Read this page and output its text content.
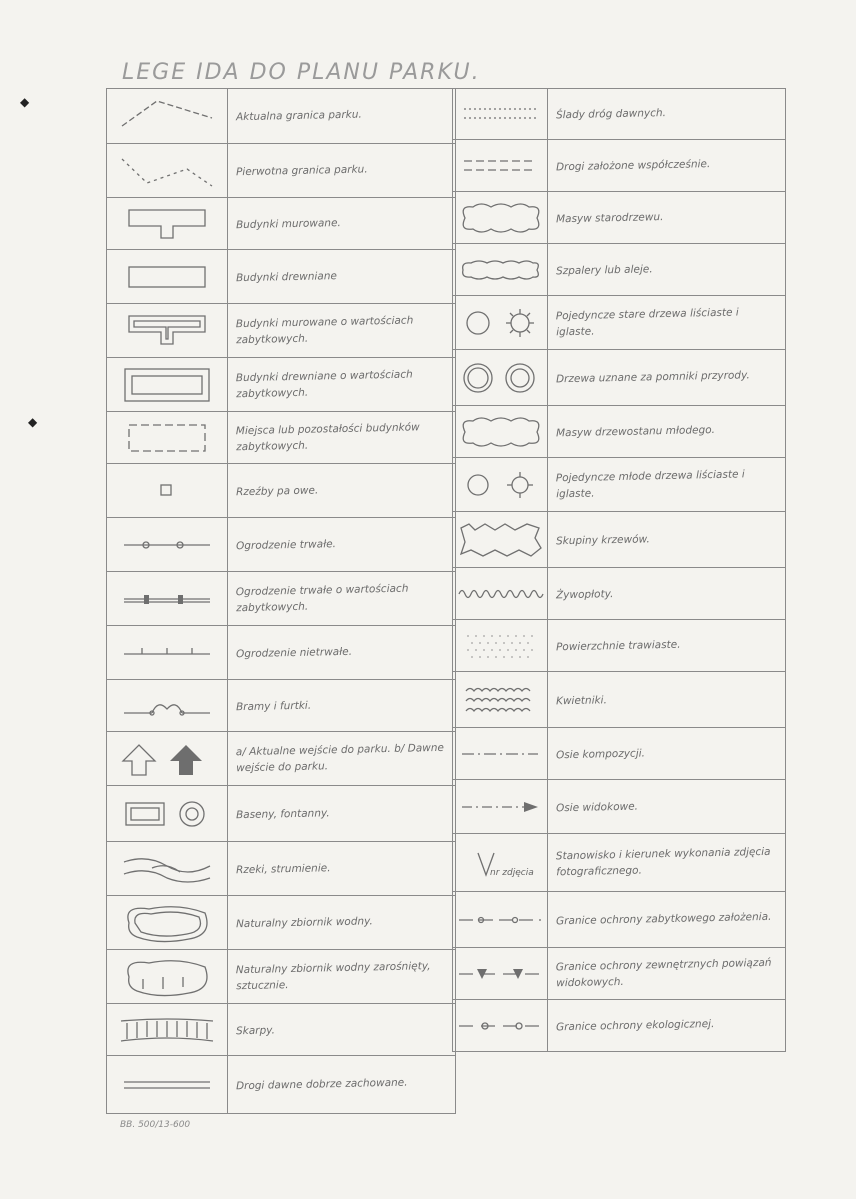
LEGE IDA DO PLANU PARKU.
Aktualna granica parku.
Pierwotna granica parku.
Budynki murowane.
Budynki drewniane
Budynki murowane o wartościach zabytkowych.
Budynki drewniane o wartościach zabytkowych.
Miejsca lub pozostałości budynków zabytkowych.
Rzeźby pa owe.
Ogrodzenie trwałe.
Ogrodzenie trwałe o wartościach zabytkowych.
Ogrodzenie nietrwałe.
Bramy i furtki.
a/ Aktualne wejście do parku. b/ Dawne wejście do parku.
Baseny, fontanny.
Rzeki, strumienie.
Naturalny zbiornik wodny.
Naturalny zbiornik wodny zarośnięty, sztucznie.
Skarpy.
Drogi dawne dobrze zachowane.
Ślady dróg dawnych.
Drogi założone współcześnie.
Masyw starodrzewu.
Szpalery lub aleje.
Pojedyncze stare drzewa liściaste i iglaste.
Drzewa uznane za pomniki przyrody.
Masyw drzewostanu młodego.
Pojedyncze młode drzewa liściaste i iglaste.
Skupiny krzewów.
Żywopłoty.
Powierzchnie trawiaste.
Kwietniki.
Osie kompozycji.
Osie widokowe.
nr zdjęcia
Stanowisko i kierunek wykonania zdjęcia fotograficznego.
Granice ochrony zabytkowego założenia.
Granice ochrony zewnętrznych powiązań widokowych.
Granice ochrony ekologicznej.
BB. 500/13-600
◆
◆
